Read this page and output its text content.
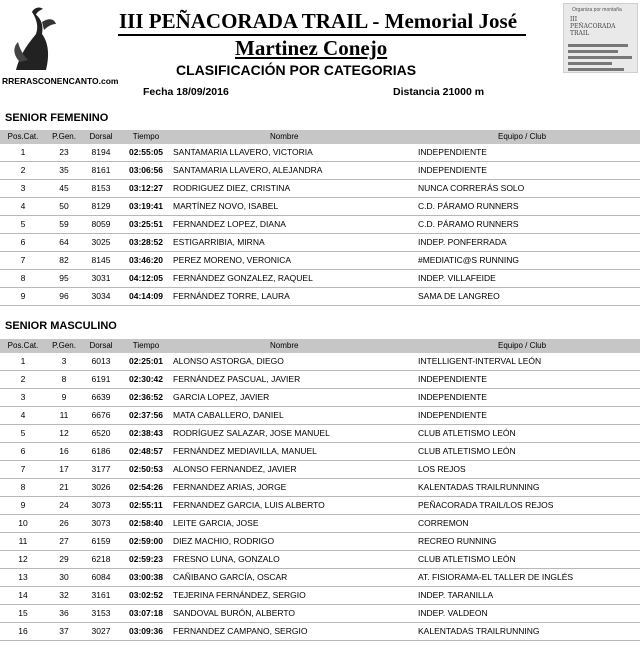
RRERASCONENCANTO.com
Organiza por montaña
III
PEÑACORADA
TRAIL
III PEÑACORADA TRAIL - Memorial José
Martinez Conejo
CLASIFICACIÓN POR CATEGORIAS
Fecha 18/09/2016	Distancia 21000 m
SENIOR FEMENINO
Pos.Cat.	P.Gen.	Dorsal	Tiempo	Nombre	Equipo / Club
1	23	8194	02:55:05	SANTAMARIA LLAVERO, VICTORIA	INDEPENDIENTE
2	35	8161	03:06:56	SANTAMARIA LLAVERO, ALEJANDRA	INDEPENDIENTE
3	45	8153	03:12:27	RODRIGUEZ DIEZ, CRISTINA	NUNCA CORRERÁS SOLO
4	50	8129	03:19:41	MARTÍNEZ NOVO, ISABEL	C.D. PÁRAMO RUNNERS
5	59	8059	03:25:51	FERNANDEZ LOPEZ, DIANA	C.D. PÁRAMO RUNNERS
6	64	3025	03:28:52	ESTIGARRIBIA, MIRNA	INDEP. PONFERRADA
7	82	8145	03:46:20	PEREZ MORENO, VERONICA	#MEDIATIC@S RUNNING
8	95	3031	04:12:05	FERNÁNDEZ GONZALEZ, RAQUEL	INDEP. VILLAFEIDE
9	96	3034	04:14:09	FERNÁNDEZ TORRE, LAURA	SAMA DE LANGREO
SENIOR MASCULINO
Pos.Cat.	P.Gen.	Dorsal	Tiempo	Nombre	Equipo / Club
1	3	6013	02:25:01	ALONSO ASTORGA, DIEGO	INTELLIGENT-INTERVAL LEÓN
2	8	6191	02:30:42	FERNÁNDEZ PASCUAL, JAVIER	INDEPENDIENTE
3	9	6639	02:36:52	GARCIA LOPEZ, JAVIER	INDEPENDIENTE
4	11	6676	02:37:56	MATA CABALLERO, DANIEL	INDEPENDIENTE
5	12	6520	02:38:43	RODRÍGUEZ SALAZAR, JOSE MANUEL	CLUB ATLETISMO LEÓN
6	16	6186	02:48:57	FERNÁNDEZ MEDIAVILLA, MANUEL	CLUB ATLETISMO LEÓN
7	17	3177	02:50:53	ALONSO FERNANDEZ, JAVIER	LOS REJOS
8	21	3026	02:54:26	FERNANDEZ ARIAS, JORGE	KALENTADAS TRAILRUNNING
9	24	3073	02:55:11	FERNANDEZ GARCIA, LUIS ALBERTO	PEÑACORADA TRAIL/LOS REJOS
10	26	3073	02:58:40	LEITE GARCIA, JOSE	CORREMON
11	27	6159	02:59:00	DIEZ MACHIO, RODRIGO	RECREO RUNNING
12	29	6218	02:59:23	FRESNO LUNA, GONZALO	CLUB ATLETISMO LEÓN
13	30	6084	03:00:38	CAÑIBANO GARCÍA, OSCAR	AT. FISIORAMA-EL TALLER DE INGLÉS
14	32	3161	03:02:52	TEJERINA FERNÁNDEZ, SERGIO	INDEP. TARANILLA
15	36	3153	03:07:18	SANDOVAL BURÓN, ALBERTO	INDEP. VALDEON
16	37	3027	03:09:36	FERNANDEZ CAMPANO, SERGIO	KALENTADAS TRAILRUNNING
